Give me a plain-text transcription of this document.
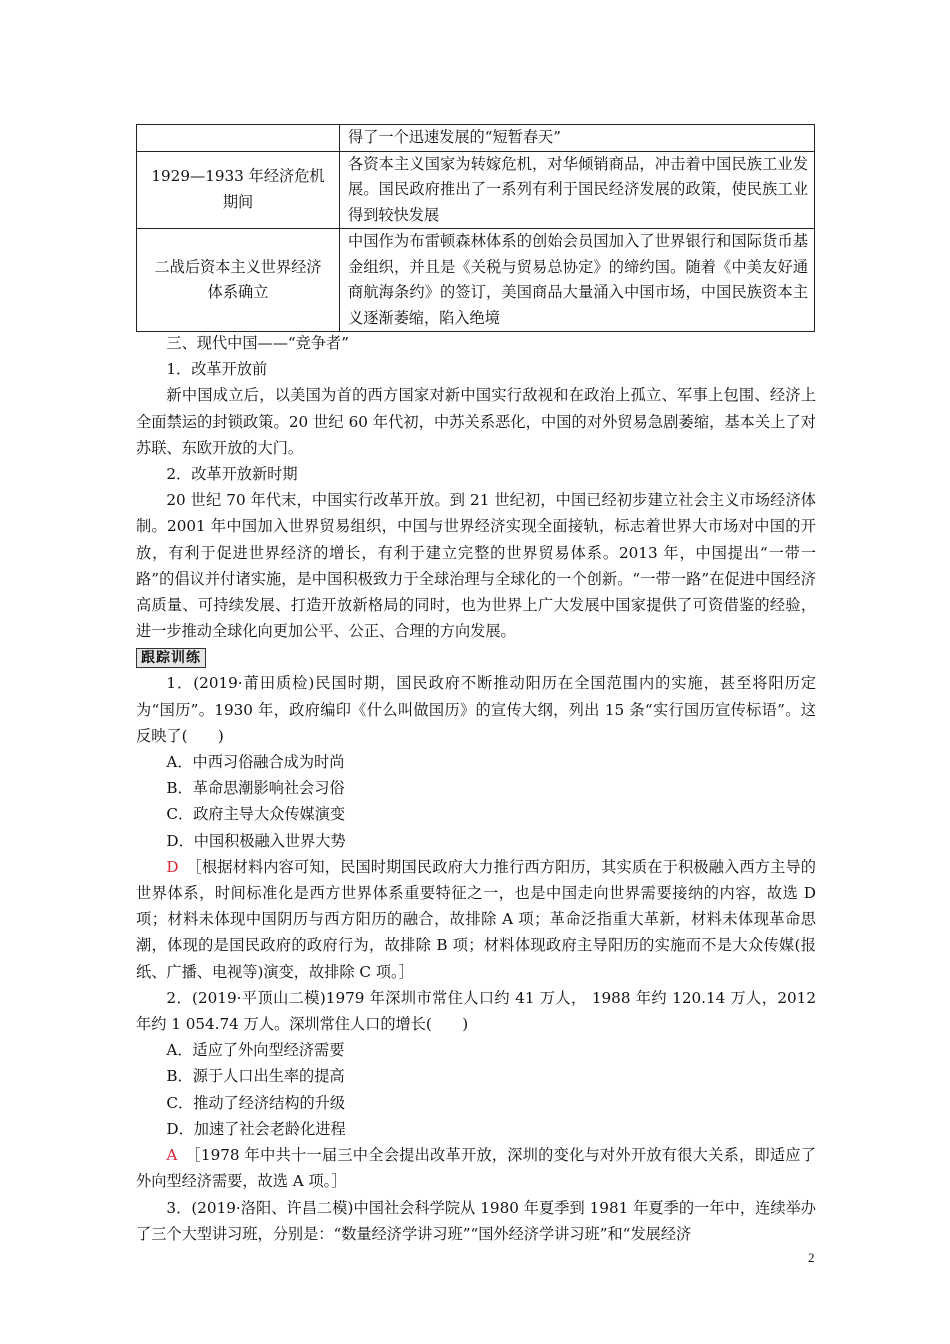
	得了一个迅速发展的“短暂春天”
1929—1933 年经济危机期间	各资本主义国家为转嫁危机，对华倾销商品，冲击着中国民族工业发展。国民政府推出了一系列有利于国民经济发展的政策，使民族工业得到较快发展
二战后资本主义世界经济体系确立	中国作为布雷顿森林体系的创始会员国加入了世界银行和国际货币基金组织，并且是《关税与贸易总协定》的缔约国。随着《中美友好通商航海条约》的签订，美国商品大量涌入中国市场，中国民族资本主义逐渐萎缩，陷入绝境

三、现代中国——“竞争者”

1．改革开放前

新中国成立后，以美国为首的西方国家对新中国实行敌视和在政治上孤立、军事上包围、经济上全面禁运的封锁政策。20 世纪 60 年代初，中苏关系恶化，中国的对外贸易急剧萎缩，基本关上了对苏联、东欧开放的大门。

2．改革开放新时期

20 世纪 70 年代末，中国实行改革开放。到 21 世纪初，中国已经初步建立社会主义市场经济体制。2001 年中国加入世界贸易组织，中国与世界经济实现全面接轨，标志着世界大市场对中国的开放，有利于促进世界经济的增长，有利于建立完整的世界贸易体系。2013 年，中国提出“一带一路”的倡议并付诸实施，是中国积极致力于全球治理与全球化的一个创新。“一带一路”在促进中国经济高质量、可持续发展、打造开放新格局的同时，也为世界上广大发展中国家提供了可资借鉴的经验，进一步推动全球化向更加公平、公正、合理的方向发展。

跟踪训练

1．(2019·莆田质检)民国时期，国民政府不断推动阳历在全国范围内的实施，甚至将阳历定为“国历”。1930 年，政府编印《什么叫做国历》的宣传大纲，列出 15 条“实行国历宣传标语”。这反映了(　　)

A．中西习俗融合成为时尚

B．革命思潮影响社会习俗

C．政府主导大众传媒演变

D．中国积极融入世界大势

D　 ［根据材料内容可知，民国时期国民政府大力推行西方阳历，其实质在于积极融入西方主导的世界体系，时间标准化是西方世界体系重要特征之一，也是中国走向世界需要接纳的内容，故选 D 项；材料未体现中国阴历与西方阳历的融合，故排除 A 项；革命泛指重大革新，材料未体现革命思潮，体现的是国民政府的政府行为，故排除 B 项；材料体现政府主导阳历的实施而不是大众传媒(报纸、广播、电视等)演变，故排除 C 项。］

2．(2019·平顶山二模)1979 年深圳市常住人口约 41 万人， 1988 年约 120.14 万人，2012 年约 1 054.74 万人。深圳常住人口的增长(　　)

A．适应了外向型经济需要

B．源于人口出生率的提高

C．推动了经济结构的升级

D．加速了社会老龄化进程

A　 ［1978 年中共十一届三中全会提出改革开放，深圳的变化与对外开放有很大关系，即适应了外向型经济需要，故选 A 项。］

3．(2019·洛阳、许昌二模)中国社会科学院从 1980 年夏季到 1981 年夏季的一年中，连续举办了三个大型讲习班，分别是：“数量经济学讲习班”“国外经济学讲习班”和“发展经济

2
